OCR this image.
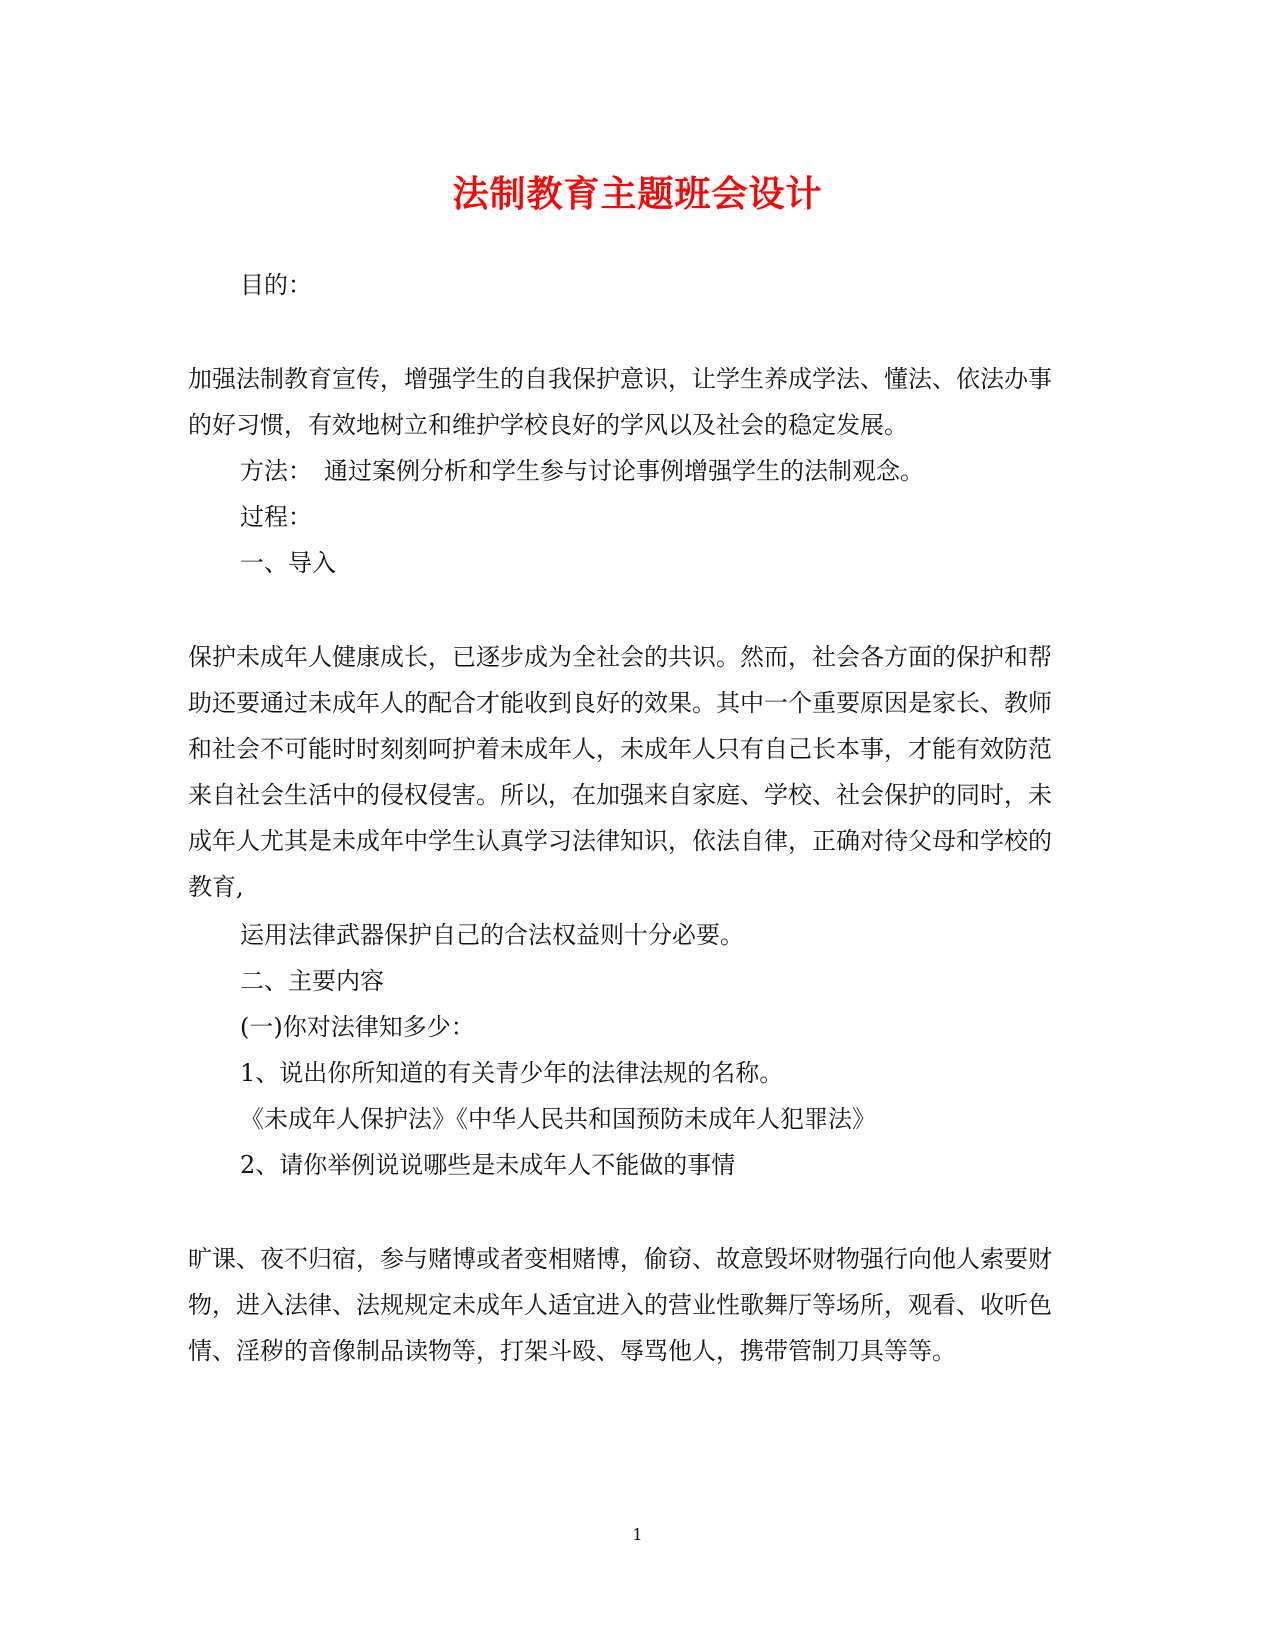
法制教育主题班会设计
目的：
加强法制教育宣传，增强学生的自我保护意识，让学生养成学法、懂法、依法办事
的好习惯，有效地树立和维护学校良好的学风以及社会的稳定发展。
方法：　通过案例分析和学生参与讨论事例增强学生的法制观念。
过程：
一、导入
保护未成年人健康成长，已逐步成为全社会的共识。然而，社会各方面的保护和帮
助还要通过未成年人的配合才能收到良好的效果。其中一个重要原因是家长、教师
和社会不可能时时刻刻呵护着未成年人，未成年人只有自己长本事，才能有效防范
来自社会生活中的侵权侵害。所以，在加强来自家庭、学校、社会保护的同时，未
成年人尤其是未成年中学生认真学习法律知识，依法自律，正确对待父母和学校的
教育,
运用法律武器保护自己的合法权益则十分必要。
二、主要内容
(一)你对法律知多少：
1、说出你所知道的有关青少年的法律法规的名称。
《未成年人保护法》《中华人民共和国预防未成年人犯罪法》
2、请你举例说说哪些是未成年人不能做的事情
旷课、夜不归宿，参与赌博或者变相赌博，偷窃、故意毁坏财物强行向他人索要财
物，进入法律、法规规定未成年人适宜进入的营业性歌舞厅等场所，观看、收听色
情、淫秽的音像制品读物等，打架斗殴、辱骂他人，携带管制刀具等等。
1
